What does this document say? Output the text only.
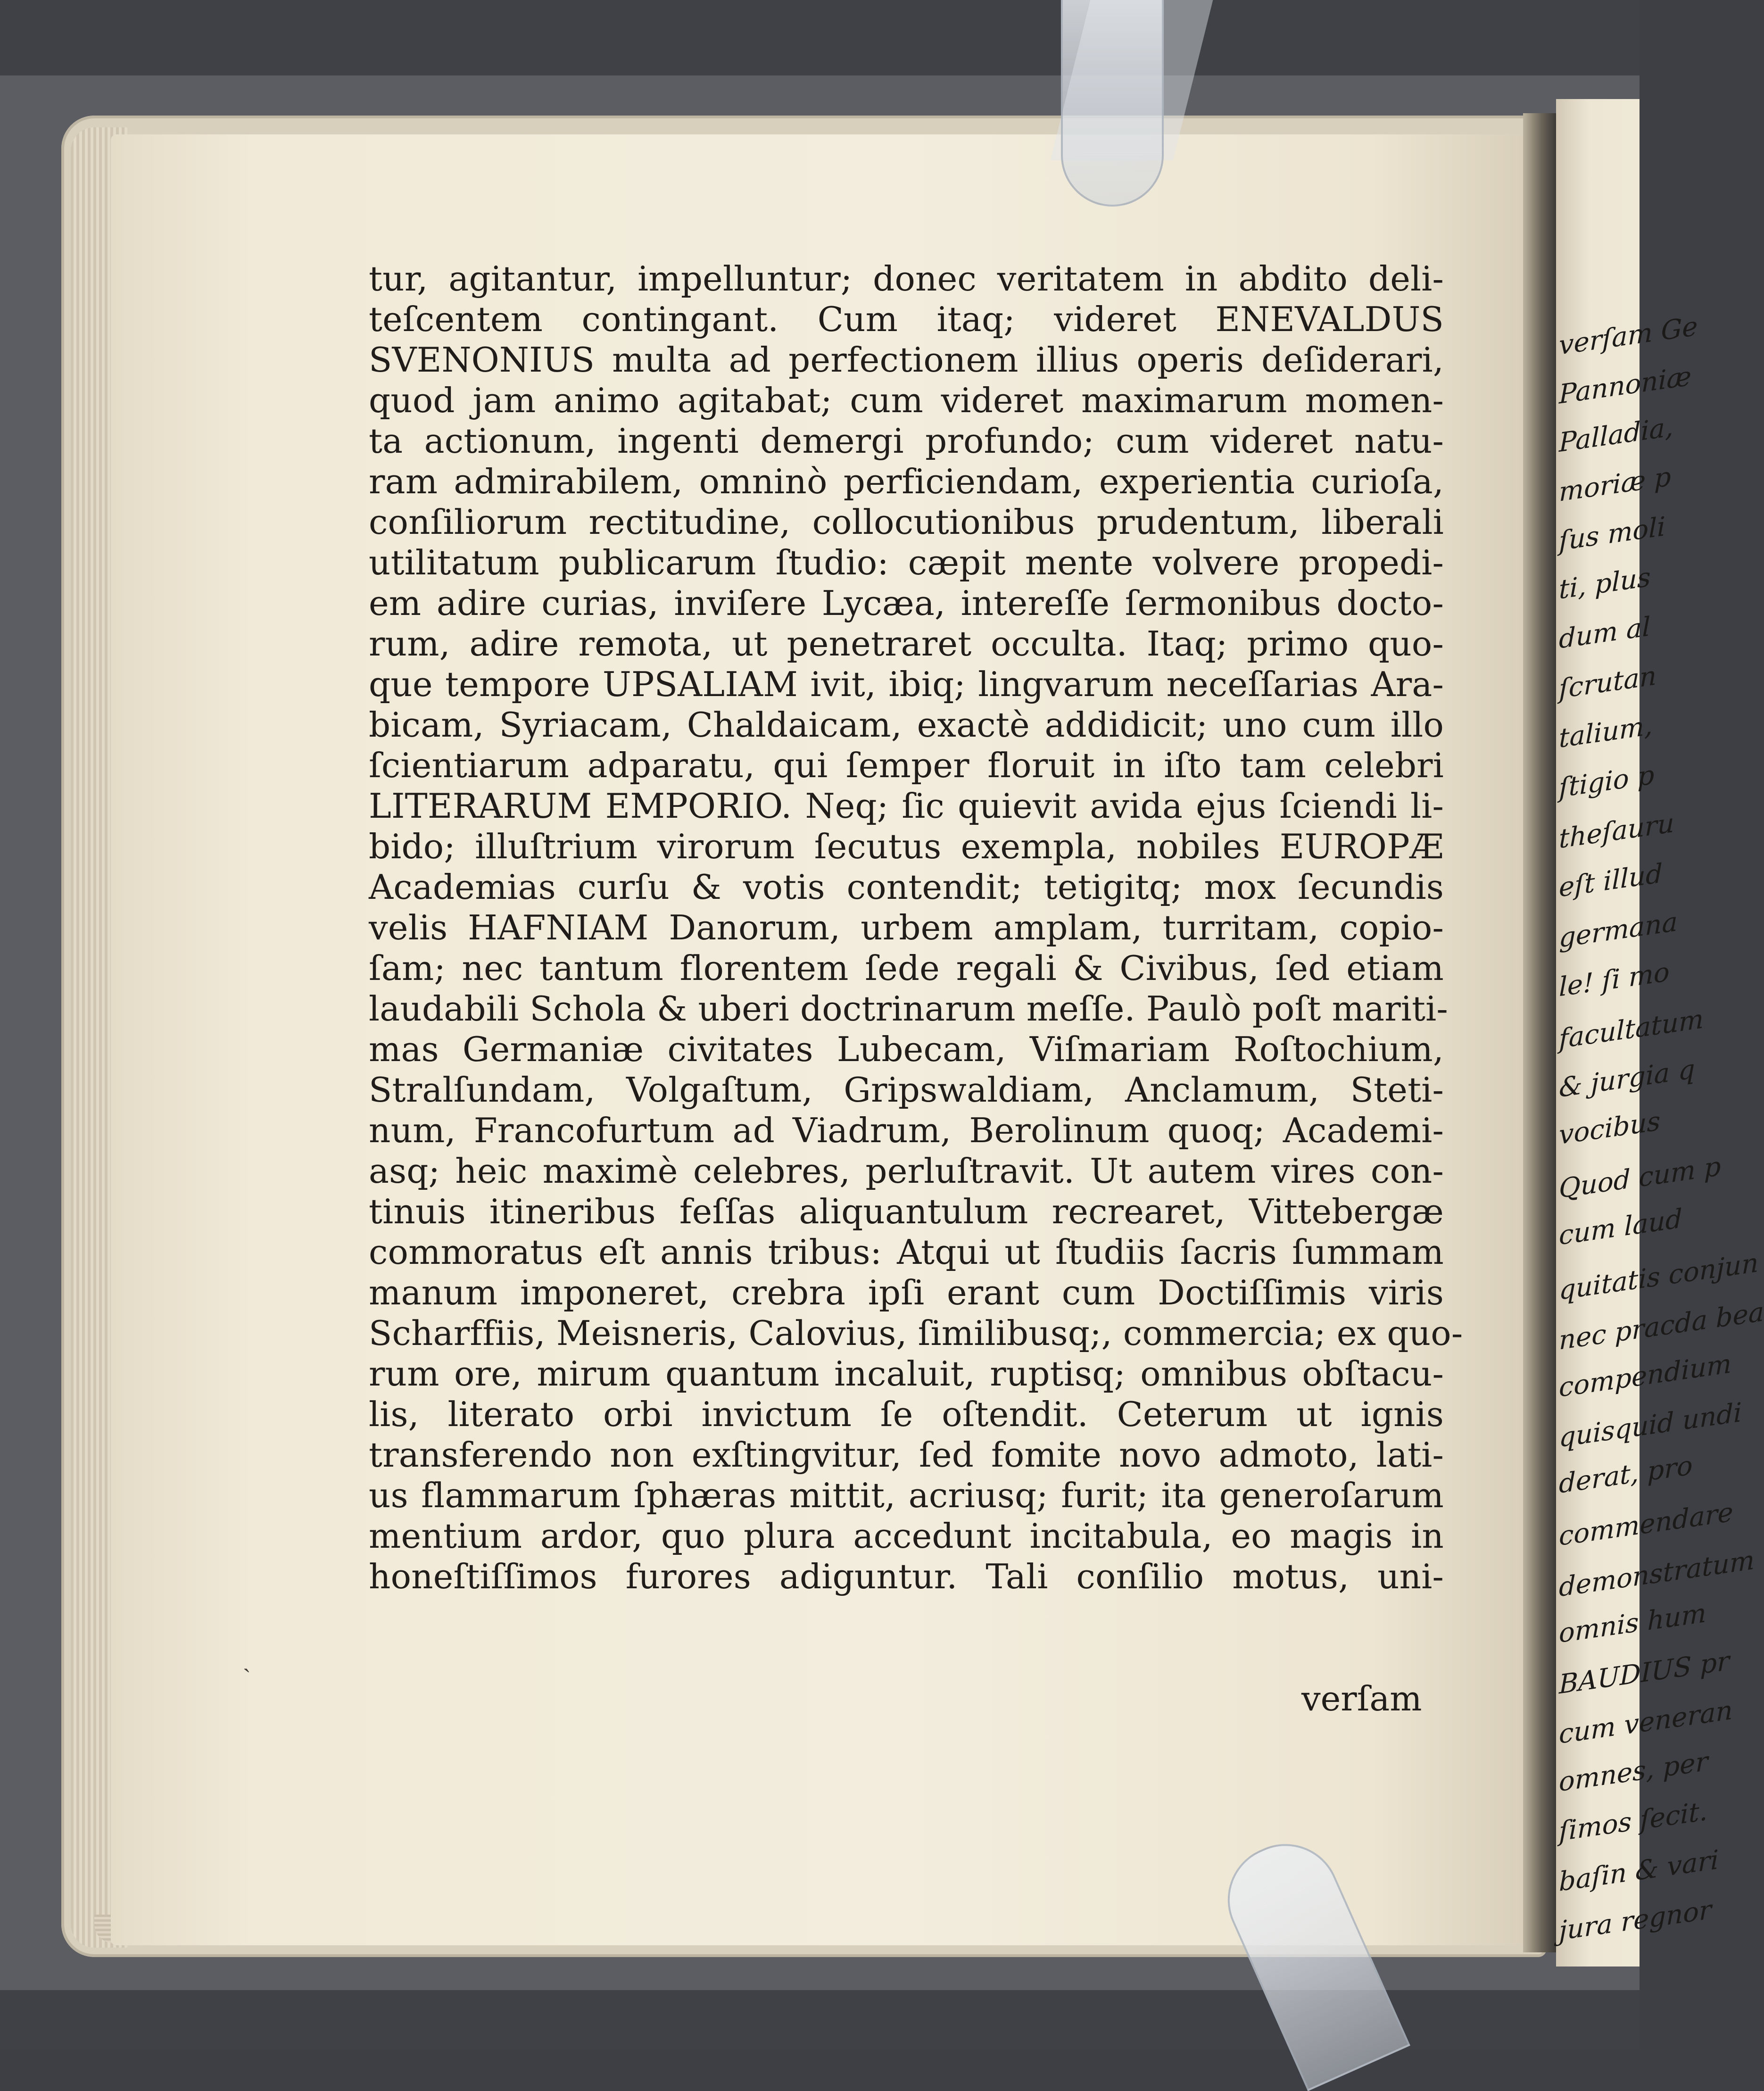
verſam Ge
Pannoniæ
Palladia,
moriæ p
ſus moli
ti, plus
dum al
ſcrutan
talium,
ſtigio p
theſauru
eſt illud
germana
le! ſi mo
facultatum
& jurgia q
vocibus
Quod cum p
cum laud
quitatis conjun
nec pracda bea
compendium
quisquid undi
derat, pro
commendare
demonstratum
omnis hum
BAUDIUS pr
cum veneran
omnes, per
ſimos ſecit.
baſin & vari
jura regnor
tur, agitantur, impelluntur; donec veritatem in abdito deli-
teſcentem contingant. Cum itaq; videret ENEVALDUS
SVENONIUS multa ad perfectionem illius operis deſiderari,
quod jam animo agitabat; cum videret maximarum momen-
ta actionum, ingenti demergi profundo; cum videret natu-
ram admirabilem, omninò perficiendam, experientia curioſa,
conſiliorum rectitudine, collocutionibus prudentum, liberali
utilitatum publicarum ſtudio: cæpit mente volvere propedi-
em adire curias, inviſere Lycæa, intereſſe ſermonibus docto-
rum, adire remota, ut penetraret occulta. Itaq; primo quo-
que tempore UPSALIAM ivit, ibiq; lingvarum neceſſarias Ara-
bicam, Syriacam, Chaldaicam, exactè addidicit; uno cum illo
ſcientiarum adparatu, qui ſemper floruit in iſto tam celebri
LITERARUM EMPORIO. Neq; ſic quievit avida ejus ſciendi li-
bido; illuſtrium virorum ſecutus exempla, nobiles EUROPÆ
Academias curſu & votis contendit; tetigitq; mox ſecundis
velis HAFNIAM Danorum, urbem amplam, turritam, copio-
ſam; nec tantum florentem ſede regali & Civibus, ſed etiam
laudabili Schola & uberi doctrinarum meſſe. Paulò poſt mariti-
mas Germaniæ civitates Lubecam, Viſmariam Roſtochium,
Stralſundam, Volgaſtum, Gripswaldiam, Anclamum, Steti-
num, Francofurtum ad Viadrum, Berolinum quoq; Academi-
asq; heic maximè celebres, perluſtravit. Ut autem vires con-
tinuis itineribus feſſas aliquantulum recrearet, Vittebergæ
commoratus eſt annis tribus: Atqui ut ſtudiis ſacris ſummam
manum imponeret, crebra ipſi erant cum Doctiſſimis viris
Scharffiis, Meisneris, Calovius, ſimilibusq;, commercia; ex quo-
rum ore, mirum quantum incaluit, ruptisq; omnibus obſtacu-
lis, literato orbi invictum ſe oſtendit. Ceterum ut ignis
transferendo non exſtingvitur, ſed fomite novo admoto, lati-
us flammarum ſphæras mittit, acriusq; furit; ita generoſarum
mentium ardor, quo plura accedunt incitabula, eo magis in
honeſtiſſimos furores adiguntur. Tali conſilio motus, uni-
verſam
˴
